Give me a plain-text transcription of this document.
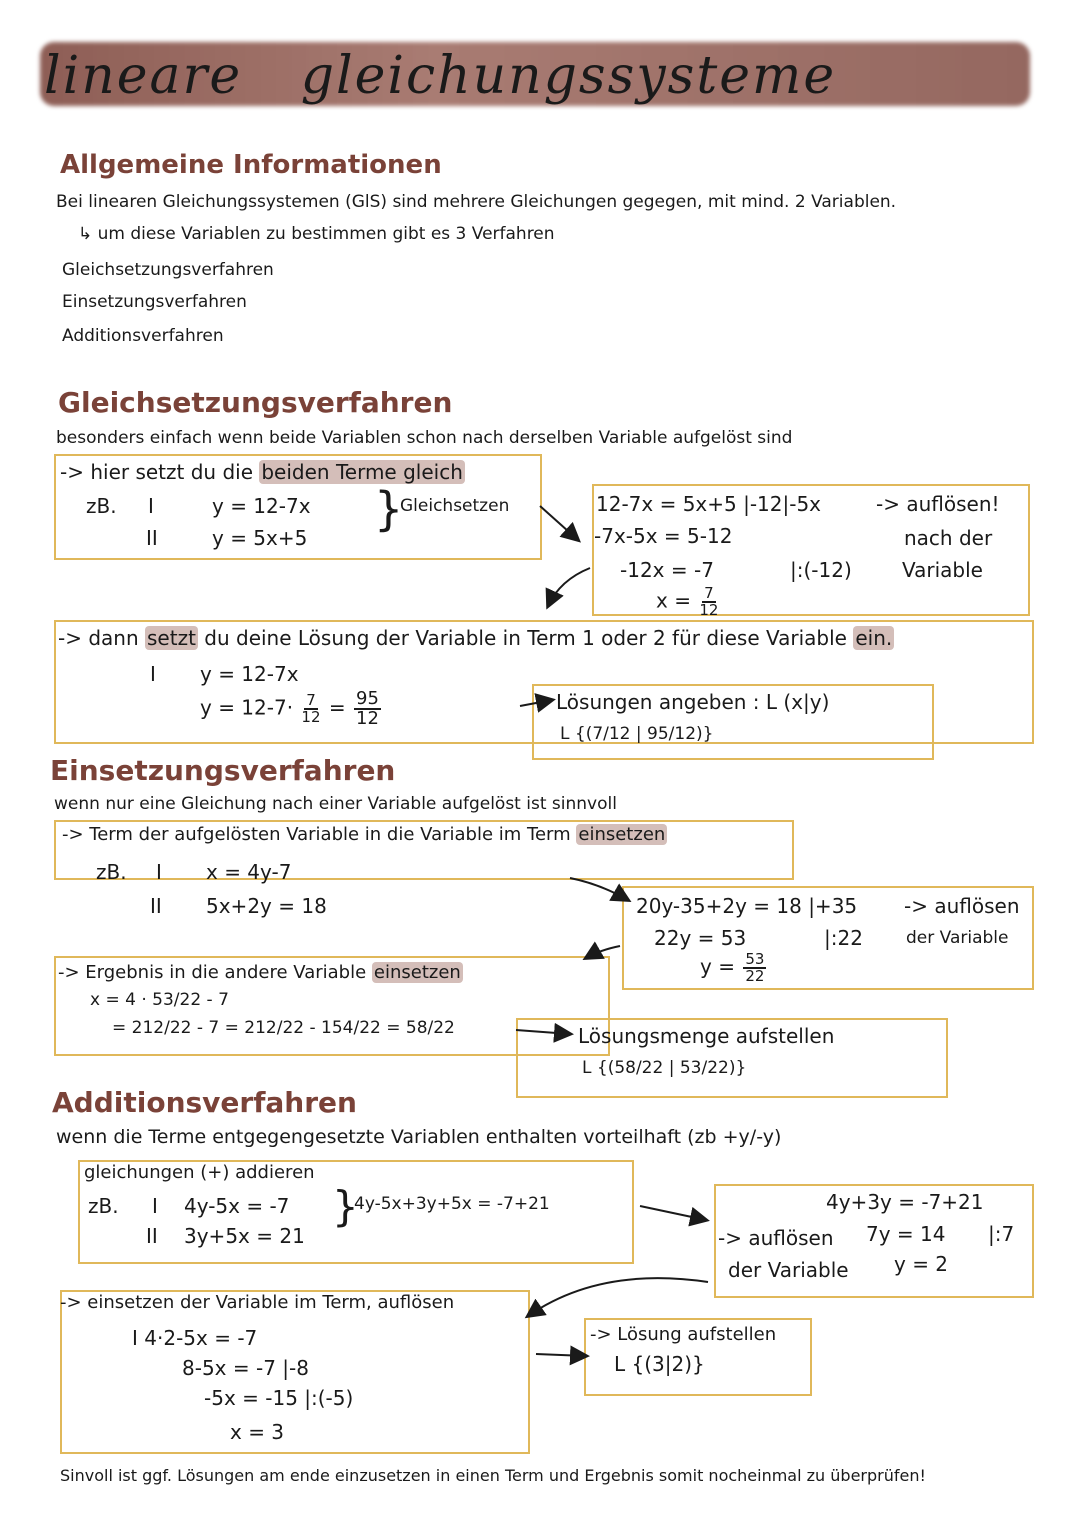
lineare gleichungssysteme
Allgemeine Informationen
Bei linearen Gleichungssystemen (GlS) sind mehrere Gleichungen gegegen, mit mind. 2 Variablen.
↳ um diese Variablen zu bestimmen gibt es 3 Verfahren
Gleichsetzungsverfahren
Einsetzungsverfahren
Additionsverfahren
Gleichsetzungsverfahren
besonders einfach wenn beide Variablen schon nach derselben Variable aufgelöst sind
-> hier setzt du die beiden Terme gleich
zB. I	y = 12-7x
II	y = 5x+5
}
Gleichsetzen	12-7x = 5x+5 |-12|-5x
-7x-5x = 5-12
-12x = -7	|:(-12)
$x = \frac{7}{12}$
-> auflösen!
nach der
Variable
-> dann setzt du deine Lösung der Variable in Term 1 oder 2 für diese Variable ein.
I y = 12-7x
$y = 12-7\cdot \frac{7}{12} = \frac{95}{12}$	Lösungen angeben : L (x|y)
L {(7/12 | 95/12)}
Einsetzungsverfahren
wenn nur eine Gleichung nach einer Variable aufgelöst ist sinnvoll
-> Term der aufgelösten Variable in die Variable im Term einsetzen
zB. I x = 4y-7
II 5x+2y = 18	20y-35+2y = 18 |+35
22y = 53	|:22
$y = \frac{53}{22}$
-> auflösen
der Variable
-> Ergebnis in die andere Variable einsetzen
x = 4 · 53/22 - 7
= 212/22 - 7 = 212/22 - 154/22 = 58/22	Lösungsmenge aufstellen
L {(58/22 | 53/22)}
Additionsverfahren
wenn die Terme entgegengesetzte Variablen enthalten vorteilhaft (zb +y/-y)
gleichungen (+) addieren
zB. I 4y-5x = -7
II 3y+5x = 21
}
4y-5x+3y+5x = -7+21	4y+3y = -7+21
7y = 14 |:7
y = 2
-> auflösen
der Variable
-> einsetzen der Variable im Term, auflösen
I 4·2-5x = -7
8-5x = -7 |-8
-5x = -15 |:(-5)
x = 3
-> Lösung aufstellen
L {(3|2)}
Sinvoll ist ggf. Lösungen am ende einzusetzen in einen Term und Ergebnis somit nocheinmal zu überprüfen!
